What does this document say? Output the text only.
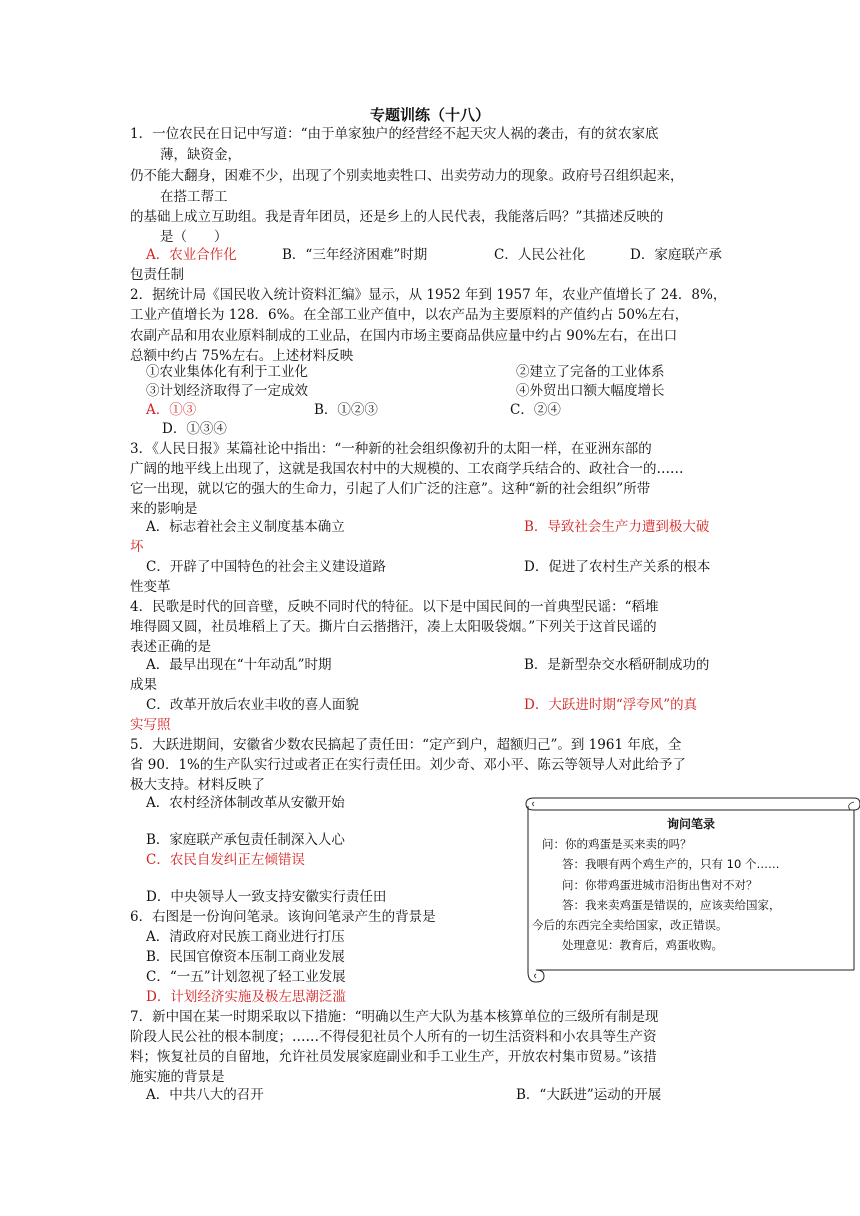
专题训练（十八）
1．一位农民在日记中写道：“由于单家独户的经营经不起天灾人祸的袭击，有的贫农家底
薄，缺资金，
仍不能大翻身，困难不少，出现了个别卖地卖牲口、出卖劳动力的现象。政府号召组织起来，
在搭工帮工
的基础上成立互助组。我是青年团员，还是乡上的人民代表，我能落后吗？”其描述反映的
是（　　）
A．农业合作化	B．“三年经济困难”时期	C．人民公社化	D．家庭联产承
包责任制
2．据统计局《国民收入统计资料汇编》显示，从 1952 年到 1957 年，农业产值增长了 24．8%，
工业产值增长为 128．6%。在全部工业产值中，以农产品为主要原料的产值约占 50%左右，
农副产品和用农业原料制成的工业品，在国内市场主要商品供应量中约占 90%左右，在出口
总额中约占 75%左右。上述材料反映
①农业集体化有利于工业化	②建立了完备的工业体系
③计划经济取得了一定成效	④外贸出口额大幅度增长
A．①③	B．①②③	C．②④
D．①③④
3．《人民日报》某篇社论中指出：“一种新的社会组织像初升的太阳一样，在亚洲东部的
广阔的地平线上出现了，这就是我国农村中的大规模的、工农商学兵结合的、政社合一的……
它一出现，就以它的强大的生命力，引起了人们广泛的注意”。这种“新的社会组织”所带
来的影响是
A．标志着社会主义制度基本确立	B．导致社会生产力遭到极大破
坏
C．开辟了中国特色的社会主义建设道路	D．促进了农村生产关系的根本
性变革
4．民歌是时代的回音壁，反映不同时代的特征。以下是中国民间的一首典型民谣：“稻堆
堆得圆又圆，社员堆稻上了天。撕片白云揩揩汗，凑上太阳吸袋烟。”下列关于这首民谣的
表述正确的是
A．最早出现在“十年动乱”时期	B．是新型杂交水稻研制成功的
成果
C．改革开放后农业丰收的喜人面貌	D．大跃进时期“浮夸风”的真
实写照
5．大跃进期间，安徽省少数农民搞起了责任田：“定产到户，超额归己”。到 1961 年底，全
省 90．1%的生产队实行过或者正在实行责任田。刘少奇、邓小平、陈云等领导人对此给予了
极大支持。材料反映了
A．农村经济体制改革从安徽开始
B．家庭联产承包责任制深入人心
C．农民自发纠正左倾错误
D．中央领导人一致支持安徽实行责任田
6．右图是一份询问笔录。该询问笔录产生的背景是
A．清政府对民族工商业进行打压
B．民国官僚资本压制工商业发展
C．“一五”计划忽视了轻工业发展
D．计划经济实施及极左思潮泛滥
7．新中国在某一时期采取以下措施：“明确以生产大队为基本核算单位的三级所有制是现
阶段人民公社的根本制度；……不得侵犯社员个人所有的一切生活资料和小农具等生产资
料；恢复社员的自留地，允许社员发展家庭副业和手工业生产，开放农村集市贸易。”该措
施实施的背景是
A．中共八大的召开	B．“大跃进”运动的开展
询问笔录
问：你的鸡蛋是买来卖的吗？
答：我喂有两个鸡生产的，只有 10 个……
问：你带鸡蛋进城市沿街出售对不对？
答：我来卖鸡蛋是错误的，应该卖给国家，
今后的东西完全卖给国家，改正错误。
处理意见：教育后，鸡蛋收购。
